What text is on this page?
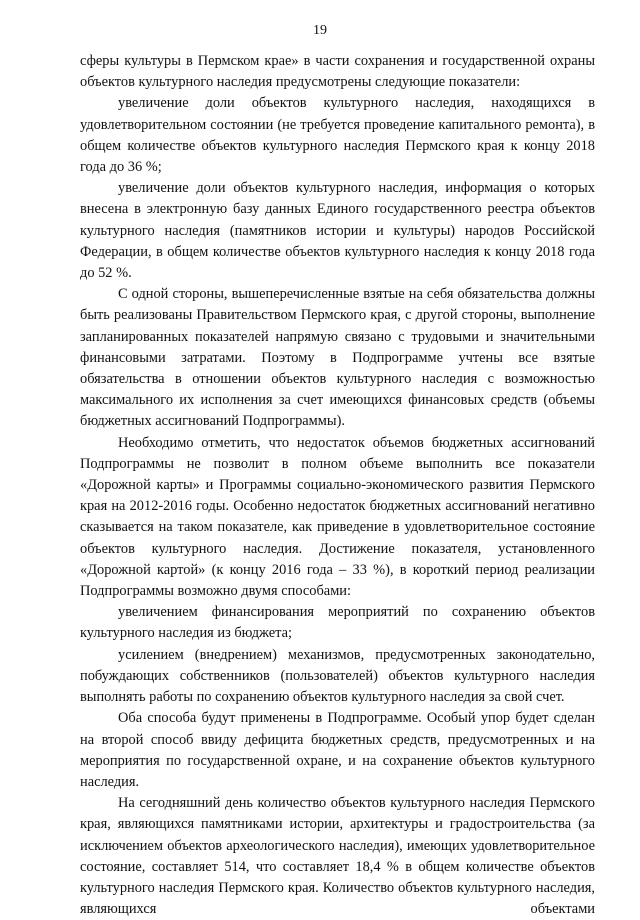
19

сферы культуры в Пермском крае» в части сохранения и государственной охраны объектов культурного наследия предусмотрены следующие показатели:

увеличение доли объектов культурного наследия, находящихся в удовлетворительном состоянии (не требуется проведение капитального ремонта), в общем количестве объектов культурного наследия Пермского края к концу 2018 года до 36 %;

увеличение доли объектов культурного наследия, информация о которых внесена в электронную базу данных Единого государственного реестра объектов культурного наследия (памятников истории и культуры) народов Российской Федерации, в общем количестве объектов культурного наследия к концу 2018 года до 52 %.

С одной стороны, вышеперечисленные взятые на себя обязательства должны быть реализованы Правительством Пермского края, с другой стороны, выполнение запланированных показателей напрямую связано с трудовыми и значительными финансовыми затратами. Поэтому в Подпрограмме учтены все взятые обязательства в отношении объектов культурного наследия с возможностью максимального их исполнения за счет имеющихся финансовых средств (объемы бюджетных ассигнований Подпрограммы).

Необходимо отметить, что недостаток объемов бюджетных ассигнований Подпрограммы не позволит в полном объеме выполнить все показатели «Дорожной карты» и Программы социально-экономического развития Пермского края на 2012-2016 годы. Особенно недостаток бюджетных ассигнований негативно сказывается на таком показателе, как приведение в удовлетворительное состояние объектов культурного наследия. Достижение показателя, установленного «Дорожной картой» (к концу 2016 года – 33 %), в короткий период реализации Подпрограммы возможно двумя способами:

увеличением финансирования мероприятий по сохранению объектов культурного наследия из бюджета;

усилением (внедрением) механизмов, предусмотренных законодательно, побуждающих собственников (пользователей) объектов культурного наследия выполнять работы по сохранению объектов культурного наследия за свой счет.

Оба способа будут применены в Подпрограмме. Особый упор будет сделан на второй способ ввиду дефицита бюджетных средств, предусмотренных и на мероприятия по государственной охране, и на сохранение объектов культурного наследия.

На сегодняшний день количество объектов культурного наследия Пермского края, являющихся памятниками истории, архитектуры и градостроительства (за исключением объектов археологического наследия), имеющих удовлетворительное состояние, составляет 514, что составляет 18,4 % в общем количестве объектов культурного наследия Пермского края. Количество объектов культурного наследия, являющихся объектами
